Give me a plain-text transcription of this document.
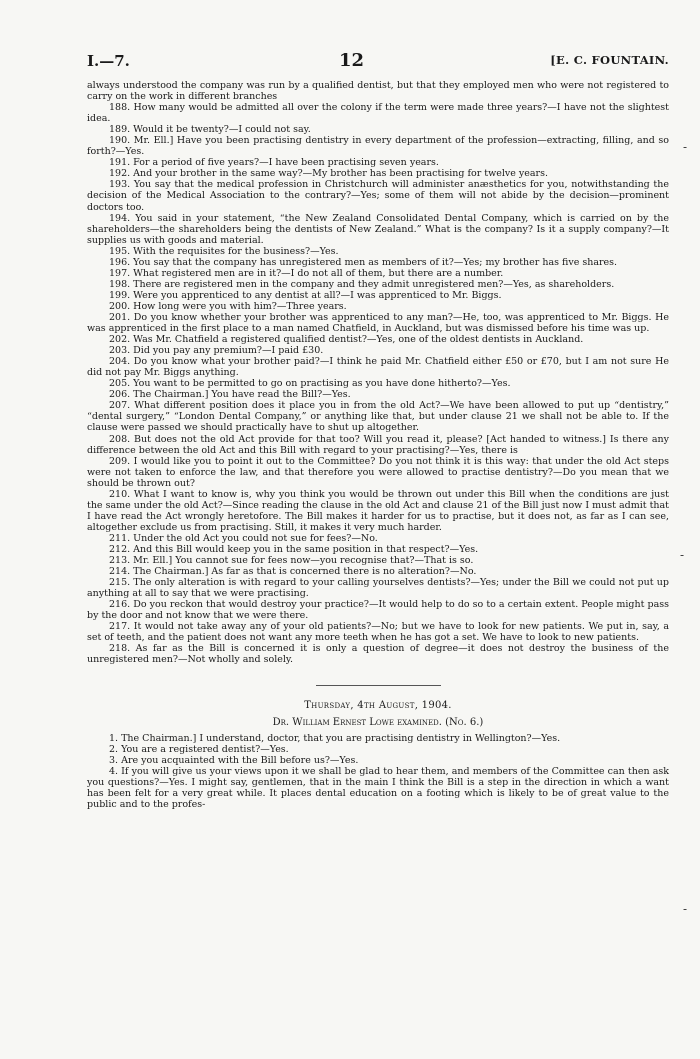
I.—7.	12	[E. C. FOUNTAIN.

always understood the company was run by a qualified dentist, but that they employed men who were not registered to carry on the work in different branches

188. How many would be admitted all over the colony if the term were made three years?—I have not the slightest idea.

189. Would it be twenty?—I could not say.

190. Mr. Ell.] Have you been practising dentistry in every department of the profession—extracting, filling, and so forth?—Yes.

191. For a period of five years?—I have been practising seven years.

192. And your brother in the same way?—My brother has been practising for twelve years.

193. You say that the medical profession in Christchurch will administer anæsthetics for you, notwithstanding the decision of the Medical Association to the contrary?—Yes; some of them will not abide by the decision—prominent doctors too.

194. You said in your statement, “the New Zealand Consolidated Dental Company, which is carried on by the shareholders—the shareholders being the dentists of New Zealand.” What is the company? Is it a supply company?—It supplies us with goods and material.

195. With the requisites for the business?—Yes.

196. You say that the company has unregistered men as members of it?—Yes; my brother has five shares.

197. What registered men are in it?—I do not all of them, but there are a number.

198. There are registered men in the company and they admit unregistered men?—Yes, as shareholders.

199. Were you apprenticed to any dentist at all?—I was apprenticed to Mr. Biggs.

200. How long were you with him?—Three years.

201. Do you know whether your brother was apprenticed to any man?—He, too, was apprenticed to Mr. Biggs. He was apprenticed in the first place to a man named Chatfield, in Auckland, but was dismissed before his time was up.

202. Was Mr. Chatfield a registered qualified dentist?—Yes, one of the oldest dentists in Auckland.

203. Did you pay any premium?—I paid £30.

204. Do you know what your brother paid?—I think he paid Mr. Chatfield either £50 or £70, but I am not sure He did not pay Mr. Biggs anything.

205. You want to be permitted to go on practising as you have done hitherto?—Yes.

206. The Chairman.] You have read the Bill?—Yes.

207. What different position does it place you in from the old Act?—We have been allowed to put up “dentistry,” “dental surgery,” “London Dental Company,” or anything like that, but under clause 21 we shall not be able to. If the clause were passed we should practically have to shut up altogether.

208. But does not the old Act provide for that too? Will you read it, please? [Act handed to witness.] Is there any difference between the old Act and this Bill with regard to your practising?—Yes, there is

209. I would like you to point it out to the Committee? Do you not think it is this way: that under the old Act steps were not taken to enforce the law, and that therefore you were allowed to practise dentistry?—Do you mean that we should be thrown out?

210. What I want to know is, why you think you would be thrown out under this Bill when the conditions are just the same under the old Act?—Since reading the clause in the old Act and clause 21 of the Bill just now I must admit that I have read the Act wrongly heretofore. The Bill makes it harder for us to practise, but it does not, as far as I can see, altogether exclude us from practising. Still, it makes it very much harder.

211. Under the old Act you could not sue for fees?—No.

212. And this Bill would keep you in the same position in that respect?—Yes.

213. Mr. Ell.] You cannot sue for fees now—you recognise that?—That is so.

214. The Chairman.] As far as that is concerned there is no alteration?—No.

215. The only alteration is with regard to your calling yourselves dentists?—Yes; under the Bill we could not put up anything at all to say that we were practising.

216. Do you reckon that would destroy your practice?—It would help to do so to a certain extent. People might pass by the door and not know that we were there.

217. It would not take away any of your old patients?—No; but we have to look for new patients. We put in, say, a set of teeth, and the patient does not want any more teeth when he has got a set. We have to look to new patients.

218. As far as the Bill is concerned it is only a question of degree—it does not destroy the business of the unregistered men?—Not wholly and solely.

Thursday, 4th August, 1904.
Dr. William Ernest Lowe examined. (No. 6.)

1. The Chairman.] I understand, doctor, that you are practising dentistry in Wellington?—Yes.

2. You are a registered dentist?—Yes.

3. Are you acquainted with the Bill before us?—Yes.

4. If you will give us your views upon it we shall be glad to hear them, and members of the Committee can then ask you questions?—Yes. I might say, gentlemen, that in the main I think the Bill is a step in the direction in which a want has been felt for a very great while. It places dental education on a footing which is likely to be of great value to the public and to the profes-

-
-
-
